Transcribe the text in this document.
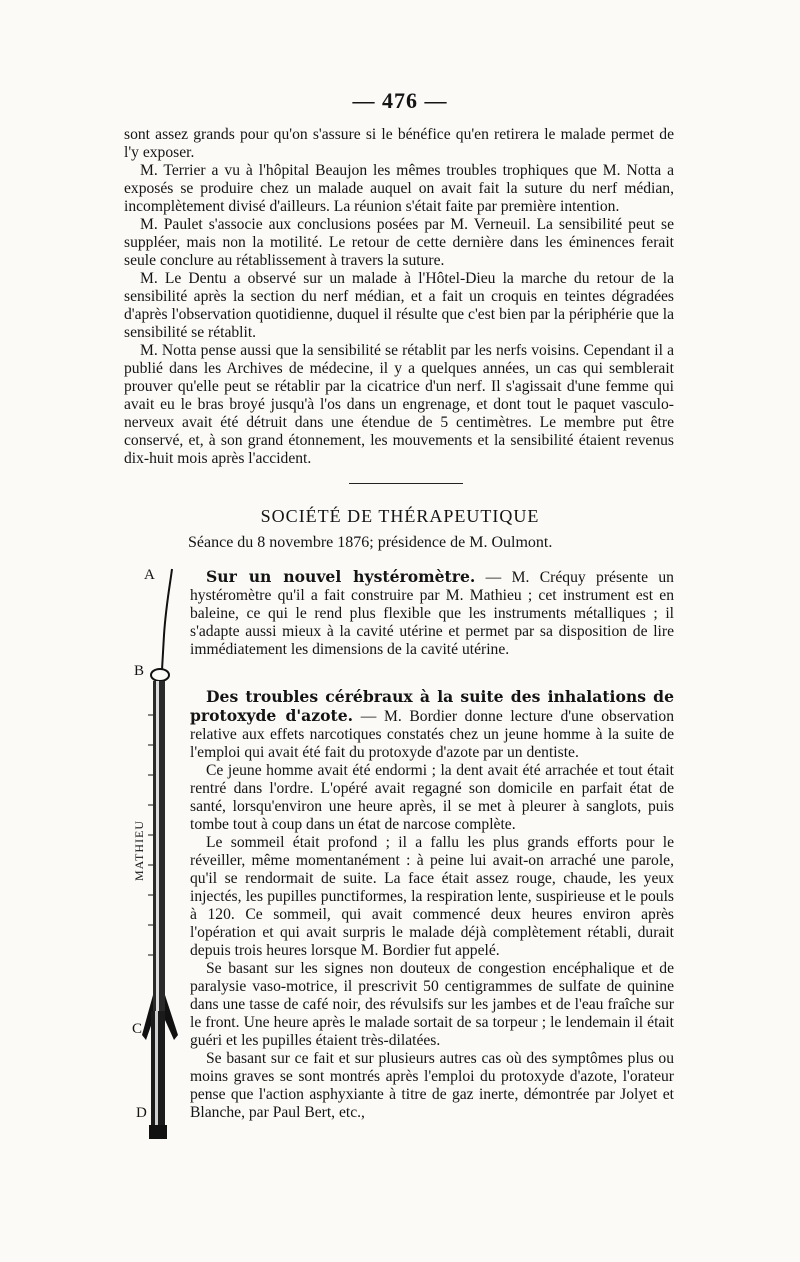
— 476 —

sont assez grands pour qu'on s'assure si le bénéfice qu'en retirera le malade permet de l'y exposer.

M. Terrier a vu à l'hôpital Beaujon les mêmes troubles trophiques que M. Notta a exposés se produire chez un malade auquel on avait fait la suture du nerf médian, incomplètement divisé d'ailleurs. La réunion s'était faite par première intention.

M. Paulet s'associe aux conclusions posées par M. Verneuil. La sensibilité peut se suppléer, mais non la motilité. Le retour de cette dernière dans les éminences ferait seule conclure au rétablissement à travers la suture.

M. Le Dentu a observé sur un malade à l'Hôtel-Dieu la marche du retour de la sensibilité après la section du nerf médian, et a fait un croquis en teintes dégradées d'après l'observation quotidienne, duquel il résulte que c'est bien par la périphérie que la sensibilité se rétablit.

M. Notta pense aussi que la sensibilité se rétablit par les nerfs voisins. Cependant il a publié dans les Archives de médecine, il y a quelques années, un cas qui semblerait prouver qu'elle peut se rétablir par la cicatrice d'un nerf. Il s'agissait d'une femme qui avait eu le bras broyé jusqu'à l'os dans un engrenage, et dont tout le paquet vasculo-nerveux avait été détruit dans une étendue de 5 centimètres. Le membre put être conservé, et, à son grand étonnement, les mouvements et la sensibilité étaient revenus dix-huit mois après l'accident.

SOCIÉTÉ DE THÉRAPEUTIQUE
Séance du 8 novembre 1876; présidence de M. Oulmont.
A
B
C
D
MATHIEU

Sur un nouvel hystéromètre. — M. Créquy présente un hystéromètre qu'il a fait construire par M. Mathieu ; cet instrument est en baleine, ce qui le rend plus flexible que les instruments métalliques ; il s'adapte aussi mieux à la cavité utérine et permet par sa disposition de lire immédiatement les dimensions de la cavité utérine.

Des troubles cérébraux à la suite des inhalations de protoxyde d'azote. — M. Bordier donne lecture d'une observation relative aux effets narcotiques constatés chez un jeune homme à la suite de l'emploi qui avait été fait du protoxyde d'azote par un dentiste.

Ce jeune homme avait été endormi ; la dent avait été arrachée et tout était rentré dans l'ordre. L'opéré avait regagné son domicile en parfait état de santé, lorsqu'environ une heure après, il se met à pleurer à sanglots, puis tombe tout à coup dans un état de narcose complète.

Le sommeil était profond ; il a fallu les plus grands efforts pour le réveiller, même momentanément : à peine lui avait-on arraché une parole, qu'il se rendormait de suite. La face était assez rouge, chaude, les yeux injectés, les pupilles punctiformes, la respiration lente, suspirieuse et le pouls à 120. Ce sommeil, qui avait commencé deux heures environ après l'opération et qui avait surpris le malade déjà complètement rétabli, durait depuis trois heures lorsque M. Bordier fut appelé.

Se basant sur les signes non douteux de congestion encéphalique et de paralysie vaso-motrice, il prescrivit 50 centigrammes de sulfate de quinine dans une tasse de café noir, des révulsifs sur les jambes et de l'eau fraîche sur le front. Une heure après le malade sortait de sa torpeur ; le lendemain il était guéri et les pupilles étaient très-dilatées.

Se basant sur ce fait et sur plusieurs autres cas où des symptômes plus ou moins graves se sont montrés après l'emploi du protoxyde d'azote, l'orateur pense que l'action asphyxiante à titre de gaz inerte, démontrée par Jolyet et Blanche, par Paul Bert, etc.,
